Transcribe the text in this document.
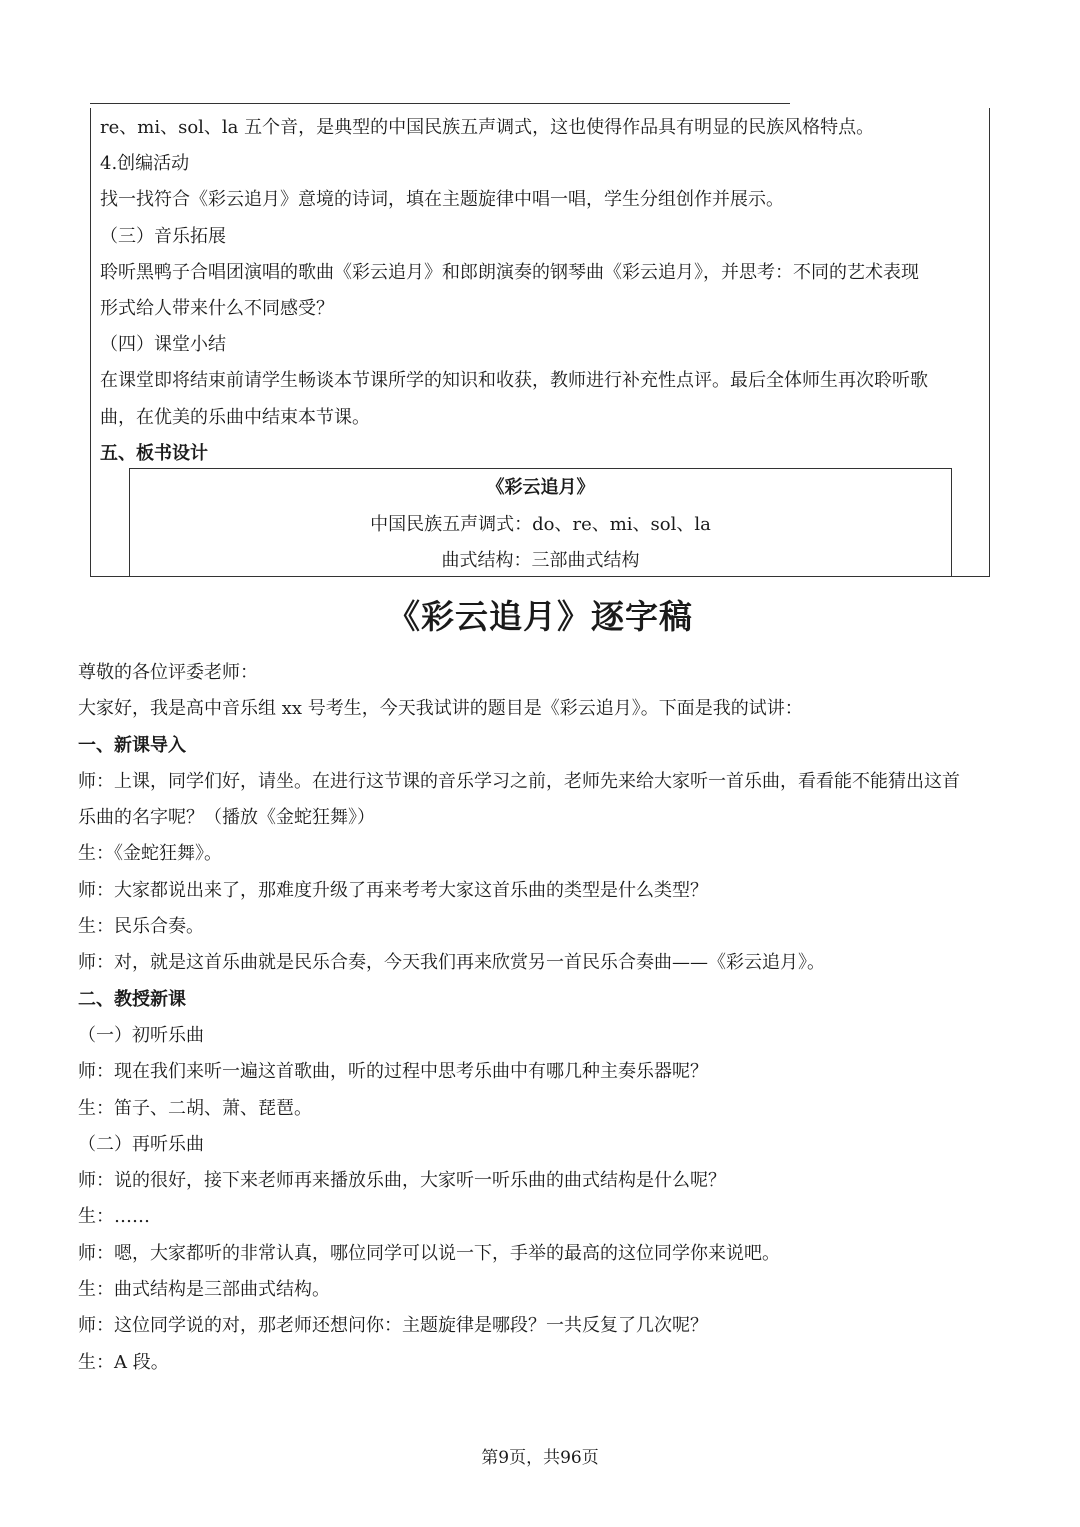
re、mi、sol、la 五个音，是典型的中国民族五声调式，这也使得作品具有明显的民族风格特点。
4.创编活动
找一找符合《彩云追月》意境的诗词，填在主题旋律中唱一唱，学生分组创作并展示。
（三）音乐拓展
聆听黑鸭子合唱团演唱的歌曲《彩云追月》和郎朗演奏的钢琴曲《彩云追月》，并思考：不同的艺术表现
形式给人带来什么不同感受？
（四）课堂小结
在课堂即将结束前请学生畅谈本节课所学的知识和收获，教师进行补充性点评。最后全体师生再次聆听歌
曲，在优美的乐曲中结束本节课。
五、板书设计
《彩云追月》
中国民族五声调式：do、re、mi、sol、la
曲式结构：三部曲式结构
《彩云追月》逐字稿
尊敬的各位评委老师：
大家好，我是高中音乐组 xx 号考生，今天我试讲的题目是《彩云追月》。下面是我的试讲：
一、新课导入
师：上课，同学们好，请坐。在进行这节课的音乐学习之前，老师先来给大家听一首乐曲，看看能不能猜出这首
乐曲的名字呢？（播放《金蛇狂舞》）
生：《金蛇狂舞》。
师：大家都说出来了，那难度升级了再来考考大家这首乐曲的类型是什么类型？
生：民乐合奏。
师：对，就是这首乐曲就是民乐合奏，今天我们再来欣赏另一首民乐合奏曲——《彩云追月》。
二、教授新课
（一）初听乐曲
师：现在我们来听一遍这首歌曲，听的过程中思考乐曲中有哪几种主奏乐器呢？
生：笛子、二胡、萧、琵琶。
（二）再听乐曲
师：说的很好，接下来老师再来播放乐曲，大家听一听乐曲的曲式结构是什么呢？
生：……
师：嗯，大家都听的非常认真，哪位同学可以说一下，手举的最高的这位同学你来说吧。
生：曲式结构是三部曲式结构。
师：这位同学说的对，那老师还想问你：主题旋律是哪段？一共反复了几次呢？
生：A 段。
第9页，共96页
